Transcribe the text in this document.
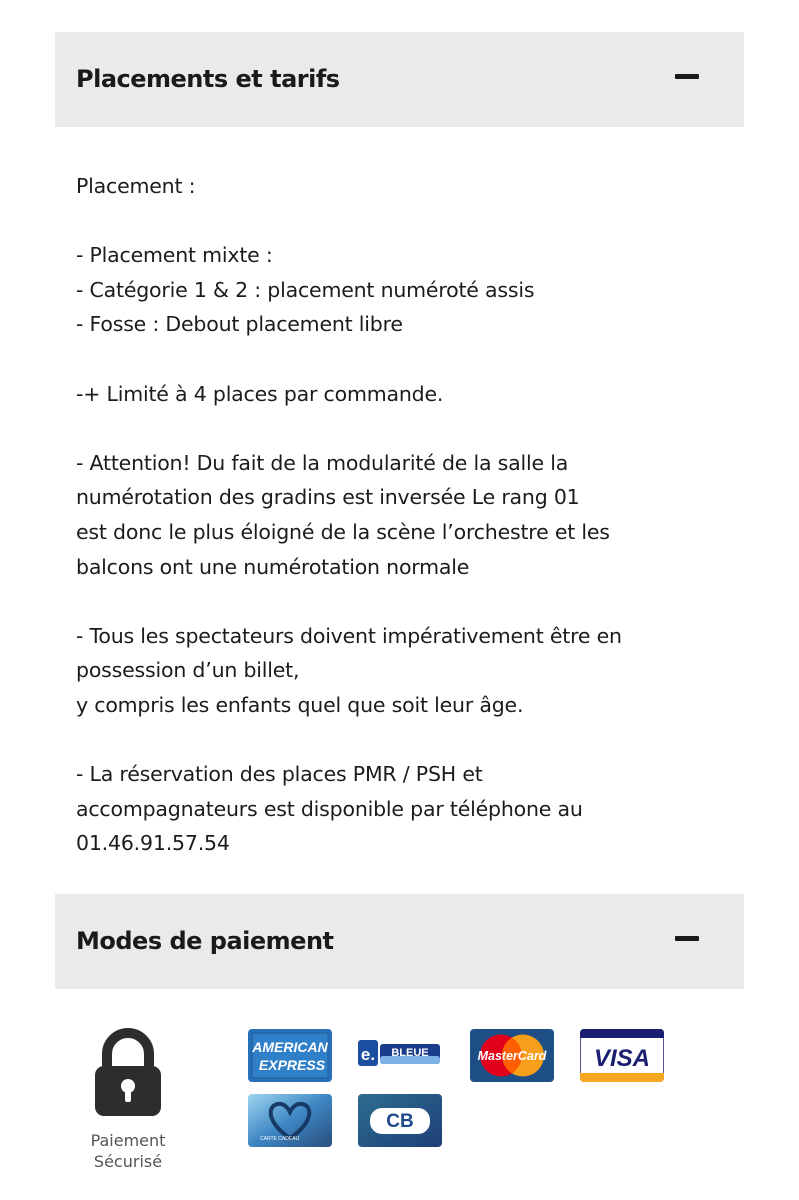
Placements et tarifs

Placement :

- Placement mixte :

- Catégorie 1 & 2 : placement numéroté assis

- Fosse : Debout placement libre

-+ Limité à 4 places par commande.

- Attention! Du fait de la modularité de la salle la

numérotation des gradins est inversée Le rang 01

est donc le plus éloigné de la scène l’orchestre et les

balcons ont une numérotation normale

- Tous les spectateurs doivent impérativement être en

possession d’un billet,

y compris les enfants quel que soit leur âge.

- La réservation des places PMR / PSH et

accompagnateurs est disponible par téléphone au

01.46.91.57.54

Modes de paiement
Paiement
Sécurisé
AMERICAN
EXPRESS
e. BLEUE	MasterCard VISA
CARTE CADEAU
CB
